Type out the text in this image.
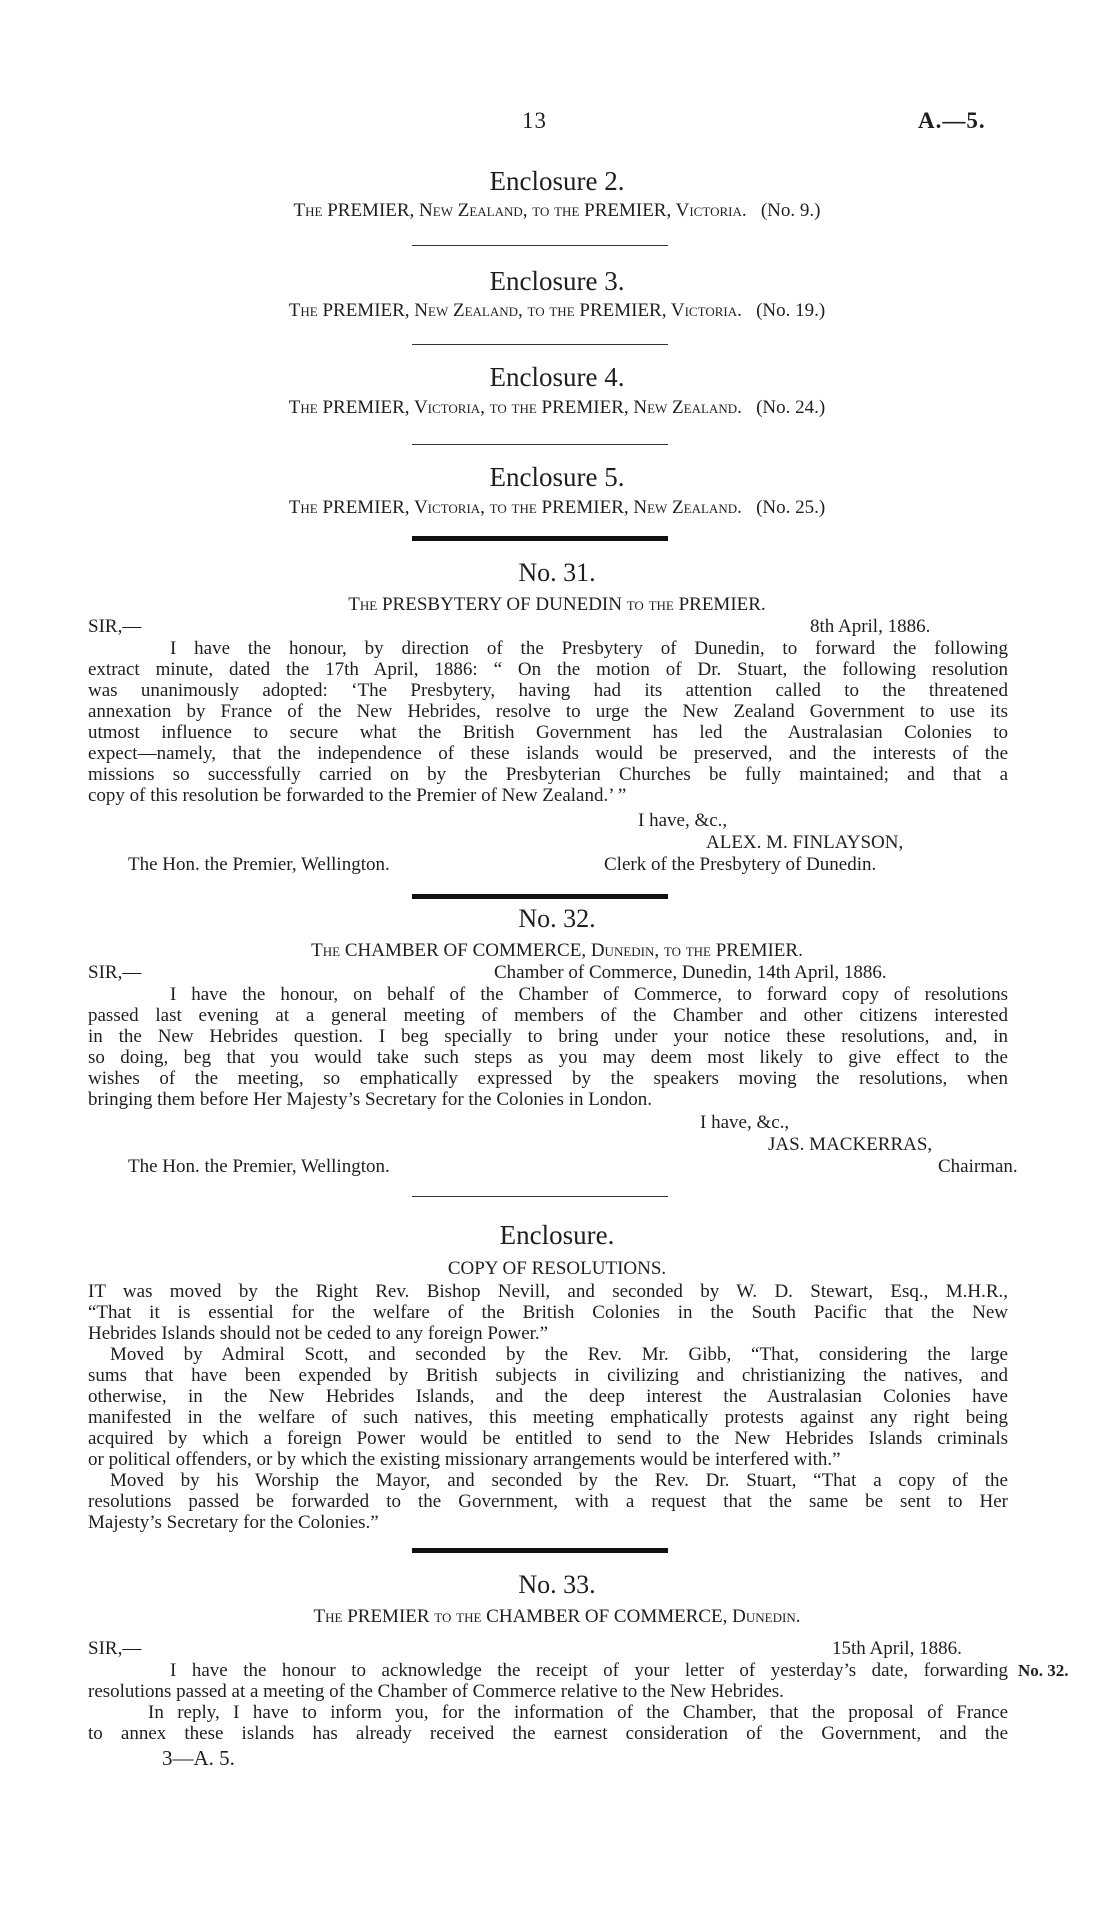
13	A.—5.
Enclosure 2.
The PREMIER, New Zealand, to the PREMIER, Victoria. (No. 9.)
Enclosure 3.
The PREMIER, New Zealand, to the PREMIER, Victoria. (No. 19.)
Enclosure 4.
The PREMIER, Victoria, to the PREMIER, New Zealand. (No. 24.)
Enclosure 5.
The PREMIER, Victoria, to the PREMIER, New Zealand. (No. 25.)
No. 31.
The PRESBYTERY OF DUNEDIN to the PREMIER.
SIR,—	8th April, 1886.
I have the honour, by direction of the Presbytery of Dunedin, to forward the following
extract minute, dated the 17th April, 1886: “ On the motion of Dr. Stuart, the following resolution
was unanimously adopted: ‘The Presbytery, having had its attention called to the threatened
annexation by France of the New Hebrides, resolve to urge the New Zealand Government to use its
utmost influence to secure what the British Government has led the Australasian Colonies to
expect—namely, that the independence of these islands would be preserved, and the interests of the
missions so successfully carried on by the Presbyterian Churches be fully maintained; and that a
copy of this resolution be forwarded to the Premier of New Zealand.’ ”
I have, &c.,
ALEX. M. FINLAYSON,
The Hon. the Premier, Wellington.	Clerk of the Presbytery of Dunedin.
No. 32.
The CHAMBER OF COMMERCE, Dunedin, to the PREMIER.
SIR,—	Chamber of Commerce, Dunedin, 14th April, 1886.
I have the honour, on behalf of the Chamber of Commerce, to forward copy of resolutions
passed last evening at a general meeting of members of the Chamber and other citizens interested
in the New Hebrides question. I beg specially to bring under your notice these resolutions, and, in
so doing, beg that you would take such steps as you may deem most likely to give effect to the
wishes of the meeting, so emphatically expressed by the speakers moving the resolutions, when
bringing them before Her Majesty’s Secretary for the Colonies in London.
I have, &c.,
JAS. MACKERRAS,
The Hon. the Premier, Wellington.	Chairman.
Enclosure.
COPY OF RESOLUTIONS.
IT was moved by the Right Rev. Bishop Nevill, and seconded by W. D. Stewart, Esq., M.H.R.,
“That it is essential for the welfare of the British Colonies in the South Pacific that the New
Hebrides Islands should not be ceded to any foreign Power.”
Moved by Admiral Scott, and seconded by the Rev. Mr. Gibb, “That, considering the large
sums that have been expended by British subjects in civilizing and christianizing the natives, and
otherwise, in the New Hebrides Islands, and the deep interest the Australasian Colonies have
manifested in the welfare of such natives, this meeting emphatically protests against any right being
acquired by which a foreign Power would be entitled to send to the New Hebrides Islands criminals
or political offenders, or by which the existing missionary arrangements would be interfered with.”
Moved by his Worship the Mayor, and seconded by the Rev. Dr. Stuart, “That a copy of the
resolutions passed be forwarded to the Government, with a request that the same be sent to Her
Majesty’s Secretary for the Colonies.”
No. 33.
The PREMIER to the CHAMBER OF COMMERCE, Dunedin.
SIR,—	15th April, 1886.
I have the honour to acknowledge the receipt of your letter of yesterday’s date, forwarding
resolutions passed at a meeting of the Chamber of Commerce relative to the New Hebrides.
In reply, I have to inform you, for the information of the Chamber, that the proposal of France
to annex these islands has already received the earnest consideration of the Government, and the
No. 32.
3—A. 5.
